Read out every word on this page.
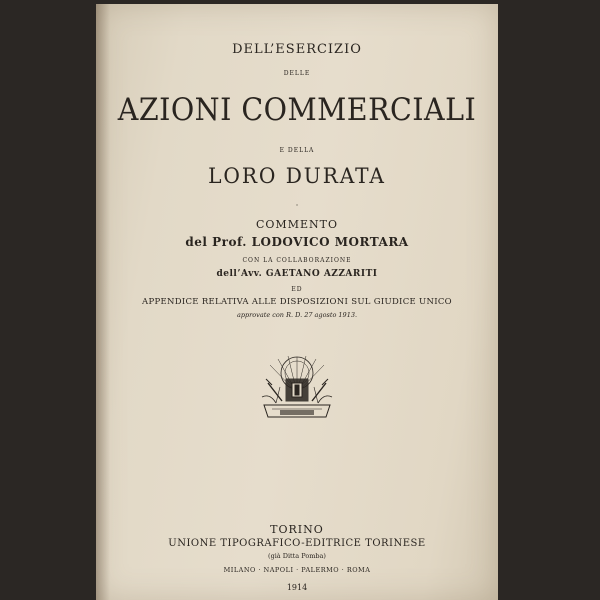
DELL’ESERCIZIO
DELLE
AZIONI COMMERCIALI
E DELLA
LORO DURATA
·
COMMENTO
del Prof. LODOVICO MORTARA
CON LA COLLABORAZIONE
dell’Avv. GAETANO AZZARITI
ED
APPENDICE RELATIVA ALLE DISPOSIZIONI SUL GIUDICE UNICO
approvate con R. D. 27 agosto 1913.
TORINO
UNIONE TIPOGRAFICO-EDITRICE TORINESE
(già Ditta Pomba)
MILANO · NAPOLI · PALERMO · ROMA
1914
